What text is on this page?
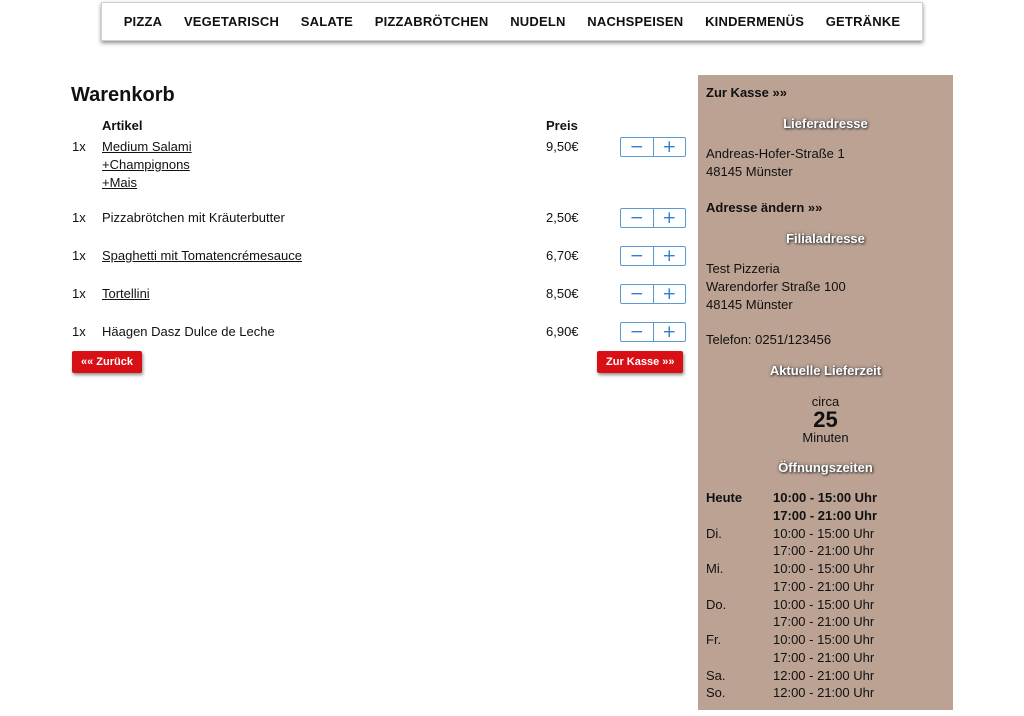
PIZZA VEGETARISCH SALATE PIZZABRÖTCHEN NUDELN NACHSPEISEN KINDERMENÜS GETRÄNKE
Warenkorb
Artikel	Preis
1x Medium Salami
+Champignons
+Mais
9,50€	−	+
1x Pizzabrötchen mit Kräuterbutter	2,50€	−	+
1x Spaghetti mit Tomatencrémesauce	6,70€	−	+
1x Tortellini	8,50€	−	+
1x Häagen Dasz Dulce de Leche	6,90€	−	+
«« Zurück	Zur Kasse »»
Zur Kasse »»
Lieferadresse
Andreas-Hofer-Straße 1
48145 Münster
Adresse ändern »»
Filialadresse
Test Pizzeria
Warendorfer Straße 100
48145 Münster
Telefon: 0251/123456
Aktuelle Lieferzeit
circa
25
Minuten
Öffnungszeiten
Heute 10:00 - 15:00 Uhr
17:00 - 21:00 Uhr
Di.	10:00 - 15:00 Uhr
17:00 - 21:00 Uhr
Mi.	10:00 - 15:00 Uhr
17:00 - 21:00 Uhr
Do.	10:00 - 15:00 Uhr
17:00 - 21:00 Uhr
Fr.	10:00 - 15:00 Uhr
17:00 - 21:00 Uhr
Sa.	12:00 - 21:00 Uhr
So.	12:00 - 21:00 Uhr
